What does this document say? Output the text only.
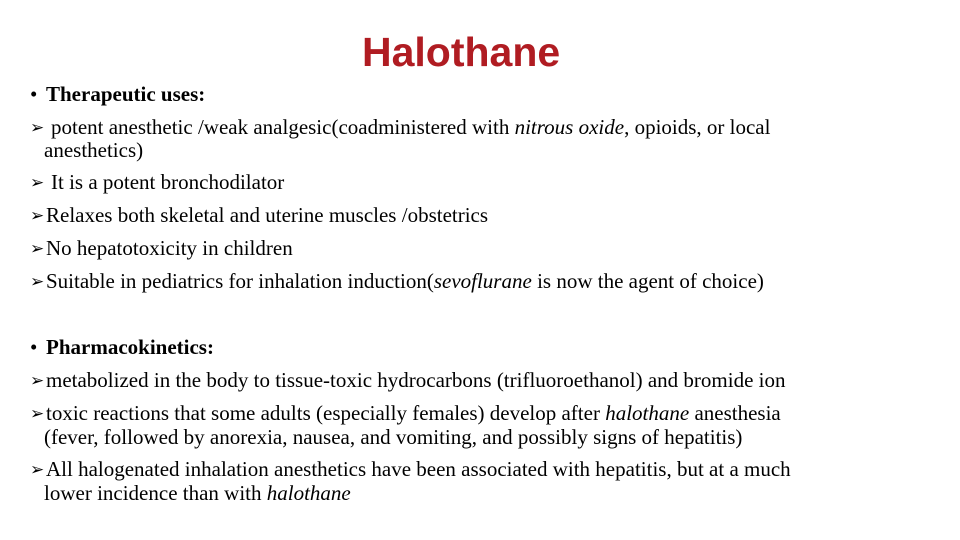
Halothane
• Therapeutic uses:
➢ potent anesthetic /weak analgesic(coadministered with nitrous oxide, opioids, or local
anesthetics)
➢ It is a potent bronchodilator
➢Relaxes both skeletal and uterine muscles /obstetrics
➢No hepatotoxicity in children
➢Suitable in pediatrics for inhalation induction(sevoflurane is now the agent of choice)
• Pharmacokinetics:
➢metabolized in the body to tissue-toxic hydrocarbons (trifluoroethanol) and bromide ion
➢toxic reactions that some adults (especially females) develop after halothane anesthesia
(fever, followed by anorexia, nausea, and vomiting, and possibly signs of hepatitis)
➢All halogenated inhalation anesthetics have been associated with hepatitis, but at a much
lower incidence than with halothane
